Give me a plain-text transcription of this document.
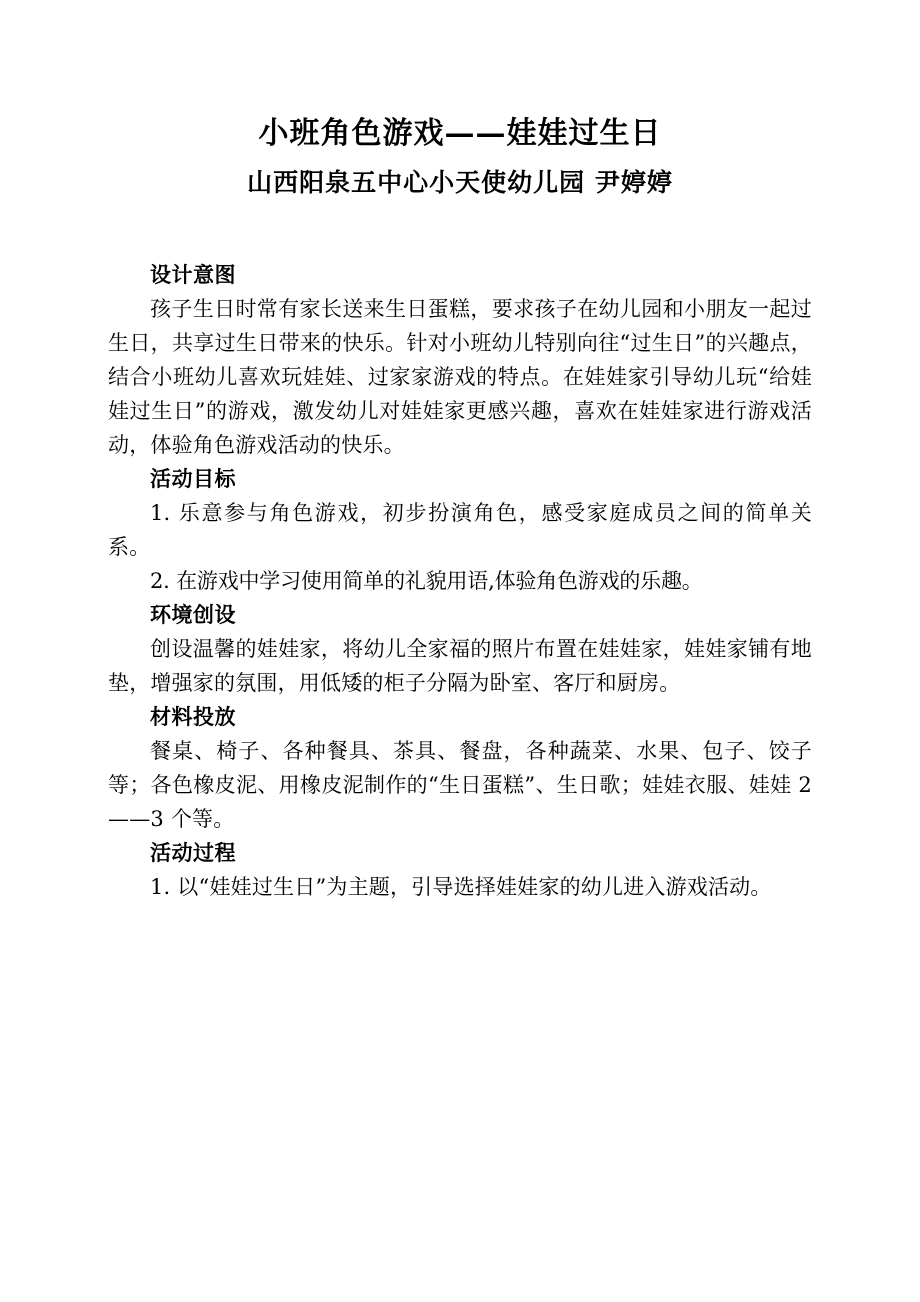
小班角色游戏——娃娃过生日
山西阳泉五中心小天使幼儿园 尹婷婷

设计意图

孩子生日时常有家长送来生日蛋糕，要求孩子在幼儿园和小朋友一起过生日，共享过生日带来的快乐。针对小班幼儿特别向往“过生日”的兴趣点，结合小班幼儿喜欢玩娃娃、过家家游戏的特点。在娃娃家引导幼儿玩“给娃娃过生日”的游戏，激发幼儿对娃娃家更感兴趣，喜欢在娃娃家进行游戏活动，体验角色游戏活动的快乐。

活动目标

1. 乐意参与角色游戏，初步扮演角色，感受家庭成员之间的简单关系。

2. 在游戏中学习使用简单的礼貌用语,体验角色游戏的乐趣。

环境创设

创设温馨的娃娃家，将幼儿全家福的照片布置在娃娃家，娃娃家铺有地垫，增强家的氛围，用低矮的柜子分隔为卧室、客厅和厨房。

材料投放

餐桌、椅子、各种餐具、茶具、餐盘，各种蔬菜、水果、包子、饺子等；各色橡皮泥、用橡皮泥制作的“生日蛋糕”、生日歌；娃娃衣服、娃娃 2——3 个等。

活动过程

1. 以“娃娃过生日”为主题，引导选择娃娃家的幼儿进入游戏活动。
